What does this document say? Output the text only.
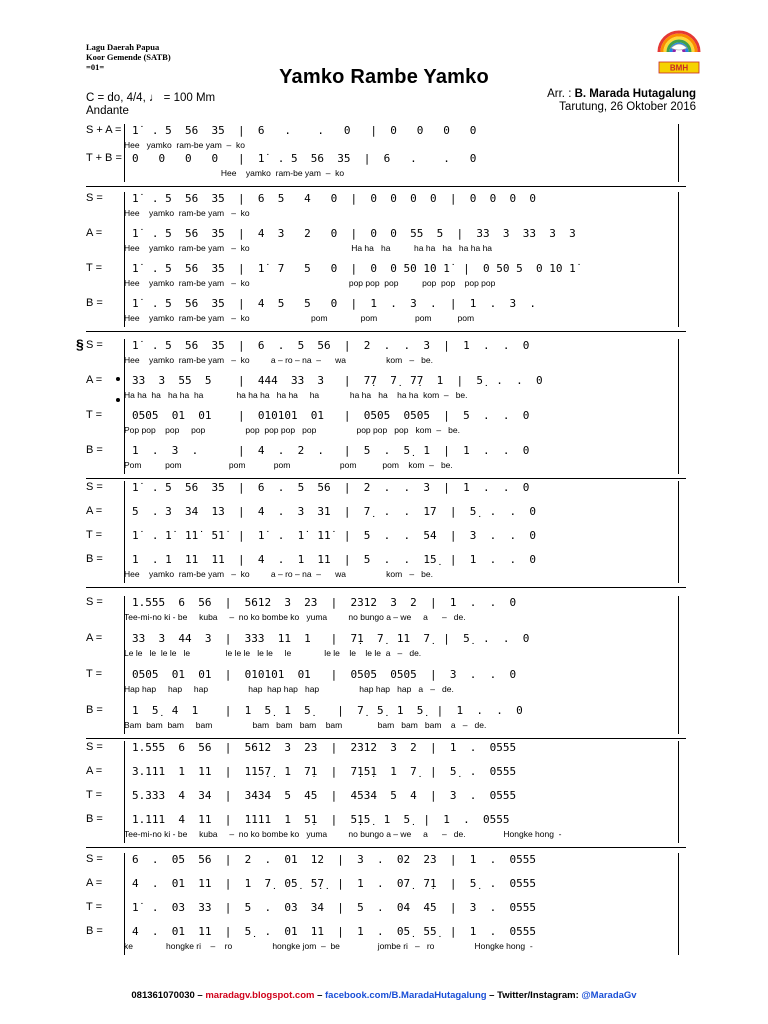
Lagu Daerah Papua
Koor Gemende (SATB)
=01=	Yamko Rambe Yamko	BMH
C = do, 4/4, ♩ = 100 Mm
Andante
Arr. : B. Marada Hutagalung
Tarutung, 26 Oktober 2016
§
S + A = 1̇  . 5  56  35  |  6   .    .   0   |  0   0   0   0
Hee   yamko  ram-be yam  –  ko
T + B = 0   0   0   0   |  1̇  . 5  56  35  |  6   .    .   0
Hee    yamko  ram-be yam  –  ko
S =	1̇  . 5  56  35  |  6  5   4   0  |  0  0  0  0  |  0  0  0  0
Hee    yamko  ram-be yam   –  ko
A =	1̇  . 5  56  35  |  4  3   2   0  |  0  0  55  5  |  33  3  33  3  3
Hee    yamko  ram-be yam   –  ko                                           Ha ha   ha          ha ha   ha   ha ha ha
T =	1̇  . 5  56  35  |  1̇  7   5   0  |  0  0 50 1̇0 1̇  |  0 50 5  0 1̇0 1̇
Hee    yamko  ram-be yam   –  ko                                          pop pop  pop          pop  pop    pop pop
B =	1̇  . 5  56  35  |  4  5   5   0  |  1  .  3  .  |  1  .  3  .
Hee    yamko  ram-be yam   –  ko                          pom              pom                pom           pom
S =	1̇  . 5  56  35  |  6  .  5  56  |  2  .  .  3  |  1  .  .  0
Hee    yamko  ram-be yam   –  ko         a – ro – na  –      wa                 kom   –   be.
A =	33  3  55  5    |  444  33  3   |  7̣7  7̣  7̣7  1  |  5̣  .  .  0
Ha ha  ha   ha ha  ha              ha ha ha   ha ha     ha             ha ha   ha    ha ha  kom  –   be.
T =	0505  01  01    |  010101  01   |  0505  0505  |  5  .  .  0
Pop pop    pop     pop                 pop  pop pop   pop                 pop pop   pop   kom  –   be.
B =	1  .  3  .      |  4  .  2  .   |  5  .  5̣  1  |  1  .  .  0
Pom          pom                    pom            pom                     pom           pom    kom  –   be.
S =	1̇  . 5  56  35  |  6  .  5  56  |  2  .  .  3  |  1  .  .  0
A =	5  . 3  34  13  |  4  .  3  31  |  7̣  .  .  17  |  5̣  .  .  0
T =	1̇  . 1̇  1̇1̇  51̇  |  1̇  .  1̇  1̇1̇  |  5  .  .  54  |  3  .  .  0
B =	1  . 1  11  11  |  4  .  1  11  |  5  .  .  15̣  |  1  .  .  0
Hee    yamko  ram-be yam   –  ko         a – ro – na  –      wa                 kom   –   be.
S =	1.555  6  56  |  5612  3  23  |  2312  3  2  |  1  .  .  0
Tee-mi-no ki - be     kuba     –  no ko bombe ko   yuma         no bungo a – we     a      –   de.
A =	33  3  44  3  |  333  11  1   |  7̣1  7̣  11  7̣  |  5̣  .  .  0
Le le   le  le le   le               le le le   le le     le              le le    le    le le  a   –   de.
T =	0505  01  01  |  010101  01   |  0505  0505  |  3  .  .  0
Hap hap     hap     hap                 hap  hap hap   hap                 hap hap   hap   a   –   de.
B =	1  5̣  4  1    |  1  5̣  1  5̣    |  7̣  5̣  1  5̣  |  1  .  .  0
Bam  bam  bam     bam                 bam   bam   bam    bam               bam   bam   bam    a   –   de.
S =	1.555  6  56  |  5612  3  23  |  2312  3  2  |  1  .  0555
A =	3.111  1  11  |  115̣7̣  1  7̣1  |  7̣15̣1  1  7̣  |  5̣  .  0555
T =	5.333  4  34  |  3434  5  45  |  4534  5  4  |  3  .  0555
B =	1.111  4  11  |  1111  1  5̣1  |  5̣15̣  1  5̣  |  1  .  0555
Tee-mi-no ki - be     kuba     –  no ko bombe ko   yuma         no bungo a – we     a      –   de.                Hongke hong  -
S =	6  .  05  56  |  2  .  01  12  |  3  .  02  23  |  1  .  0555
A =	4  .  01  11  |  1  7̣  05̣  5̣7̣  |  1  .  07̣  7̣1  |  5̣  .  0555
T =	1̇  .  03  33  |  5  .  03  34  |  5  .  04  45  |  3  .  0555
B =	4  .  01  11  |  5̣  .  01  11  |  1  .  05̣  55̣  |  1  .  0555
ke              hongke ri    –    ro                 hongke jom  –  be                jombe ri   –   ro                 Hongke hong  -
081361070030 – maradagv.blogspot.com – facebook.com/B.MaradaHutagalung – Twitter/Instagram: @MaradaGv
